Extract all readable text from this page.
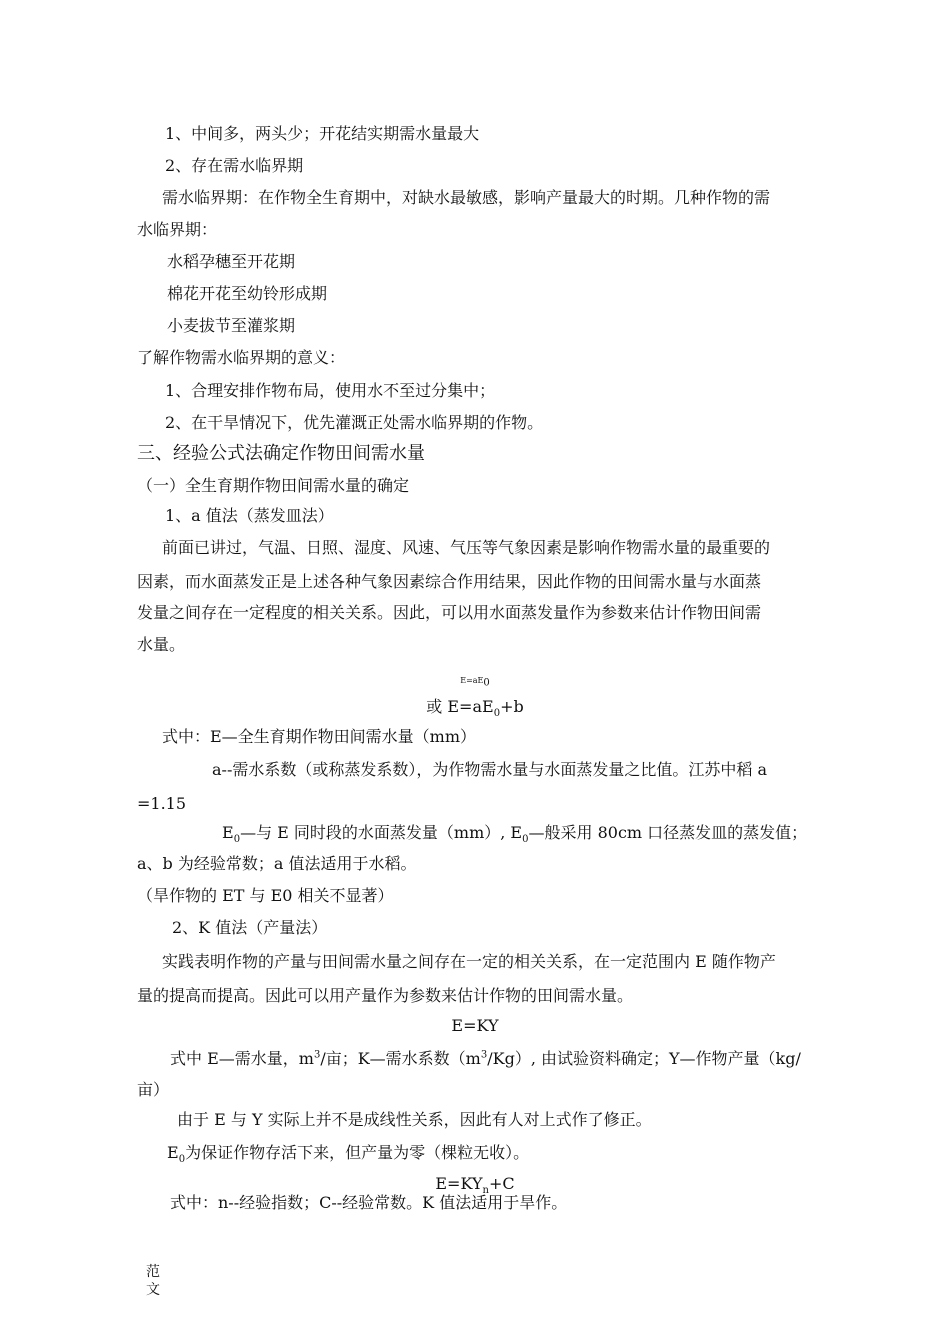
1、中间多，两头少；开花结实期需水量最大
2、存在需水临界期
需水临界期：在作物全生育期中，对缺水最敏感，影响产量最大的时期。几种作物的需
水临界期：
水稻孕穗至开花期
棉花开花至幼铃形成期
小麦拔节至灌浆期
了解作物需水临界期的意义：
1、合理安排作物布局，使用水不至过分集中；
2、在干旱情况下，优先灌溉正处需水临界期的作物。
三、经验公式法确定作物田间需水量
（一）全生育期作物田间需水量的确定
1、a 值法（蒸发皿法）
前面已讲过，气温、日照、湿度、风速、气压等气象因素是影响作物需水量的最重要的
因素，而水面蒸发正是上述各种气象因素综合作用结果，因此作物的田间需水量与水面蒸
发量之间存在一定程度的相关关系。因此，可以用水面蒸发量作为参数来估计作物田间需
水量。
$E=aE_0$
或 $E=aE_0+b$
式中：E—全生育期作物田间需水量（mm）
a--需水系数（或称蒸发系数），为作物需水量与水面蒸发量之比值。江苏中稻 a
=1.15
$E_0—$与 E 同时段的水面蒸发量（mm）, $E_0—$般采用 80cm 口径蒸发皿的蒸发值；
a、b 为经验常数；a 值法适用于水稻。
（旱作物的 ET 与 E0 相关不显著）
2、K 值法（产量法）
实践表明作物的产量与田间需水量之间存在一定的相关关系，在一定范围内 E 随作物产
量的提高而提高。因此可以用产量作为参数来估计作物的田间需水量。
E=KY
式中 E—需水量，$m^3/$亩；K—需水系数$(m^3/Kg)$, 由试验资料确定；Y—作物产量（kg/
亩）
由于 E 与 Y 实际上并不是成线性关系，因此有人对上式作了修正。
$E_0$为保证作物存活下来，但产量为零（棵粒无收）。
$E=KY_n+C$
式中：n--经验指数；C--经验常数。K 值法适用于旱作。
范文
